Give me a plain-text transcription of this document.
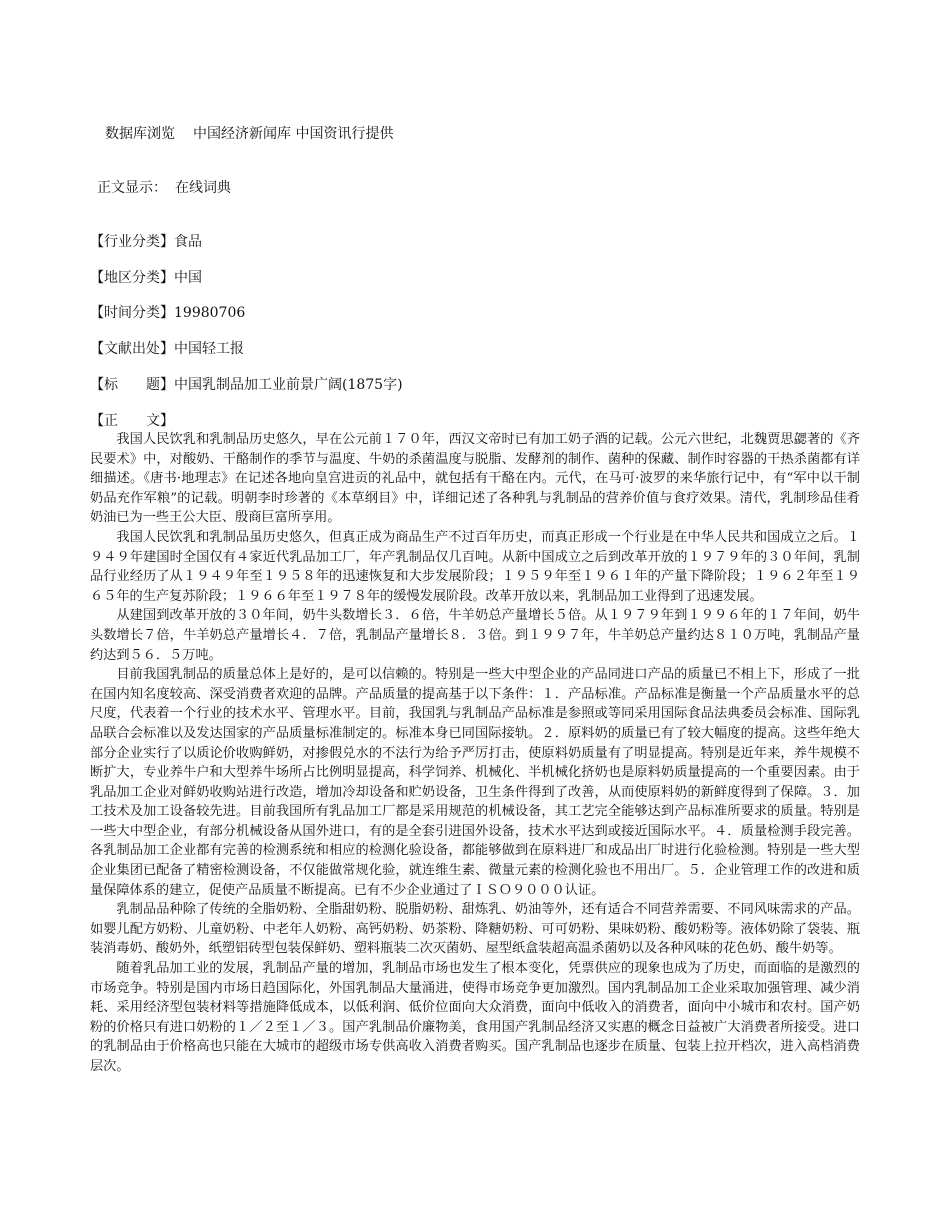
数据库浏览 中国经济新闻库 中国资讯行提供
正文显示： 在线词典
【行业分类】食品
【地区分类】中国
【时间分类】19980706
【文献出处】中国轻工报
【标　　题】中国乳制品加工业前景广阔(1875字)
【正　　文】

我国人民饮乳和乳制品历史悠久，早在公元前１７０年，西汉文帝时已有加工奶子酒的记载。公元六世纪，北魏贾思勰著的《齐民要术》中，对酸奶、干酪制作的季节与温度、牛奶的杀菌温度与脱脂、发酵剂的制作、菌种的保藏、制作时容器的干热杀菌都有详细描述。《唐书·地理志》在记述各地向皇宫进贡的礼品中，就包括有干酪在内。元代，在马可·波罗的来华旅行记中，有“军中以干制奶品充作军粮”的记载。明朝李时珍著的《本草纲目》中，详细记述了各种乳与乳制品的营养价值与食疗效果。清代，乳制珍品佳肴奶油已为一些王公大臣、殷商巨富所享用。

我国人民饮乳和乳制品虽历史悠久，但真正成为商品生产不过百年历史，而真正形成一个行业是在中华人民共和国成立之后。１９４９年建国时全国仅有４家近代乳品加工厂，年产乳制品仅几百吨。从新中国成立之后到改革开放的１９７９年的３０年间，乳制品行业经历了从１９４９年至１９５８年的迅速恢复和大步发展阶段；１９５９年至１９６１年的产量下降阶段；１９６２年至１９６５年的生产复苏阶段；１９６６年至１９７８年的缓慢发展阶段。改革开放以来，乳制品加工业得到了迅速发展。

从建国到改革开放的３０年间，奶牛头数增长３．６倍，牛羊奶总产量增长５倍。从１９７９年到１９９６年的１７年间，奶牛头数增长７倍，牛羊奶总产量增长４．７倍，乳制品产量增长８．３倍。到１９９７年，牛羊奶总产量约达８１０万吨，乳制品产量约达到５６．５万吨。

目前我国乳制品的质量总体上是好的，是可以信赖的。特别是一些大中型企业的产品同进口产品的质量已不相上下，形成了一批在国内知名度较高、深受消费者欢迎的品牌。产品质量的提高基于以下条件：１．产品标准。产品标准是衡量一个产品质量水平的总尺度，代表着一个行业的技术水平、管理水平。目前，我国乳与乳制品产品标准是参照或等同采用国际食品法典委员会标准、国际乳品联合会标准以及发达国家的产品质量标准制定的。标准本身已同国际接轨。２．原料奶的质量已有了较大幅度的提高。这些年绝大部分企业实行了以质论价收购鲜奶，对掺假兑水的不法行为给予严厉打击，使原料奶质量有了明显提高。特别是近年来，养牛规模不断扩大，专业养牛户和大型养牛场所占比例明显提高，科学饲养、机械化、半机械化挤奶也是原料奶质量提高的一个重要因素。由于乳品加工企业对鲜奶收购站进行改造，增加冷却设备和贮奶设备，卫生条件得到了改善，从而使原料奶的新鲜度得到了保障。３．加工技术及加工设备较先进。目前我国所有乳品加工厂都是采用规范的机械设备，其工艺完全能够达到产品标准所要求的质量。特别是一些大中型企业，有部分机械设备从国外进口，有的是全套引进国外设备，技术水平达到或接近国际水平。４．质量检测手段完善。各乳制品加工企业都有完善的检测系统和相应的检测化验设备，都能够做到在原料进厂和成品出厂时进行化验检测。特别是一些大型企业集团已配备了精密检测设备，不仅能做常规化验，就连维生素、微量元素的检测化验也不用出厂。５．企业管理工作的改进和质量保障体系的建立，促使产品质量不断提高。已有不少企业通过了ＩＳＯ９０００认证。

乳制品品种除了传统的全脂奶粉、全脂甜奶粉、脱脂奶粉、甜炼乳、奶油等外，还有适合不同营养需要、不同风味需求的产品。如婴儿配方奶粉、儿童奶粉、中老年人奶粉、高钙奶粉、奶茶粉、降糖奶粉、可可奶粉、果味奶粉、酸奶粉等。液体奶除了袋装、瓶装消毒奶、酸奶外，纸塑铝砖型包装保鲜奶、塑料瓶装二次灭菌奶、屋型纸盒装超高温杀菌奶以及各种风味的花色奶、酸牛奶等。

随着乳品加工业的发展，乳制品产量的增加，乳制品市场也发生了根本变化，凭票供应的现象也成为了历史，而面临的是激烈的市场竞争。特别是国内市场日趋国际化，外国乳制品大量涌进，使得市场竞争更加激烈。国内乳制品加工企业采取加强管理、减少消耗、采用经济型包装材料等措施降低成本，以低利润、低价位面向大众消费，面向中低收入的消费者，面向中小城市和农村。国产奶粉的价格只有进口奶粉的１／２至１／３。国产乳制品价廉物美，食用国产乳制品经济又实惠的概念日益被广大消费者所接受。进口的乳制品由于价格高也只能在大城市的超级市场专供高收入消费者购买。国产乳制品也逐步在质量、包装上拉开档次，进入高档消费层次。
